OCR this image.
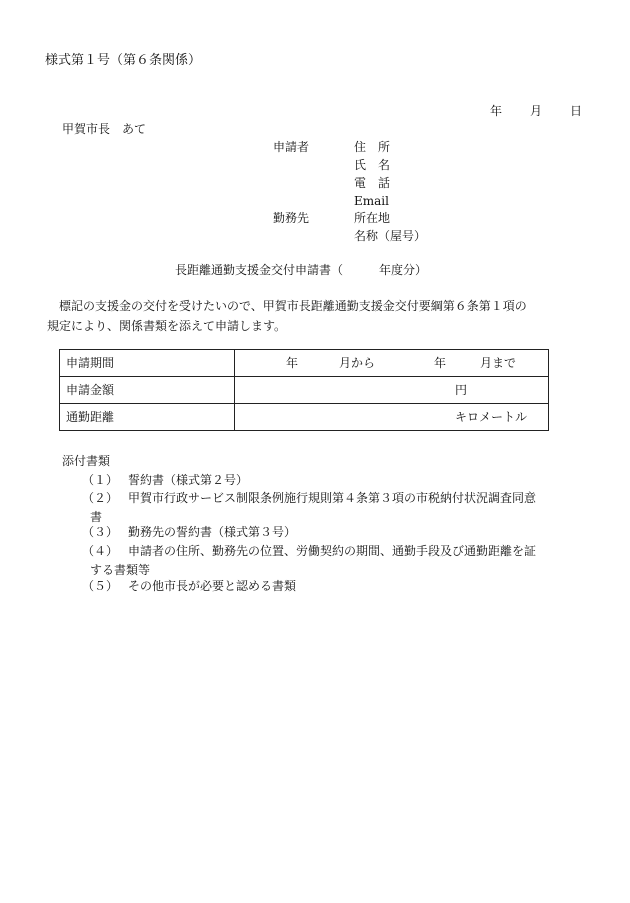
様式第１号（第６条関係）
年 月 日
甲賀市長　あて
申請者	住　所
氏　名
電　話
Email
勤務先	所在地
名称（屋号）
長距離通勤支援金交付申請書（　　　年度分）

　標記の支援金の交付を受けたいので、甲賀市長距離通勤支援金交付要綱第６条第１項の

規定により、関係書類を添えて申請します。

申請期間	年 月から 年 月まで

申請金額	円

通勤距離	キロメートル
添付書類
（１） 誓約書（様式第２号）
（２） 甲賀市行政サービス制限条例施行規則第４条第３項の市税納付状況調査同意
書
（３） 勤務先の誓約書（様式第３号）
（４） 申請者の住所、勤務先の位置、労働契約の期間、通勤手段及び通勤距離を証
する書類等
（５） その他市長が必要と認める書類
